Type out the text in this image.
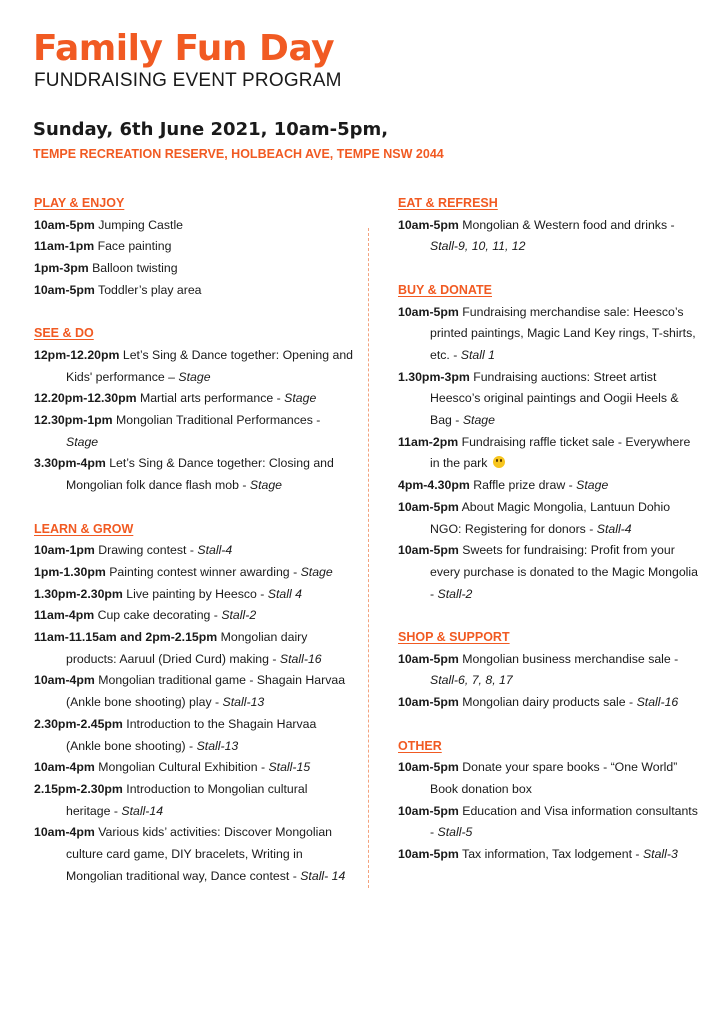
Family Fun Day

FUNDRAISING EVENT PROGRAM

Sunday, 6th June 2021, 10am-5pm,

TEMPE RECREATION RESERVE, HOLBEACH AVE, TEMPE NSW 2044

PLAY & ENJOY

10am-5pm Jumping Castle

11am-1pm Face painting

1pm-3pm Balloon twisting

10am-5pm Toddler’s play area

SEE & DO

12pm-12.20pm Let’s Sing & Dance together: Opening and Kids' performance – Stage

12.20pm-12.30pm Martial arts performance - Stage

12.30pm-1pm Mongolian Traditional Performances - Stage

3.30pm-4pm Let’s Sing & Dance together: Closing and Mongolian folk dance flash mob - Stage

LEARN & GROW

10am-1pm Drawing contest - Stall-4

1pm-1.30pm Painting contest winner awarding - Stage

1.30pm-2.30pm Live painting by Heesco - Stall 4

11am-4pm Cup cake decorating - Stall-2

11am-11.15am and 2pm-2.15pm Mongolian dairy products: Aaruul (Dried Curd) making - Stall-16

10am-4pm Mongolian traditional game - Shagain Harvaa (Ankle bone shooting) play - Stall-13

2.30pm-2.45pm Introduction to the Shagain Harvaa (Ankle bone shooting) - Stall-13

10am-4pm Mongolian Cultural Exhibition - Stall-15

2.15pm-2.30pm Introduction to Mongolian cultural heritage - Stall-14

10am-4pm Various kids’ activities: Discover Mongolian culture card game, DIY bracelets, Writing in Mongolian traditional way, Dance contest - Stall- 14

EAT & REFRESH

10am-5pm Mongolian & Western food and drinks - Stall-9, 10, 11, 12

BUY & DONATE

10am-5pm Fundraising merchandise sale: Heesco’s printed paintings, Magic Land Key rings, T-shirts, etc. - Stall 1

1.30pm-3pm Fundraising auctions: Street artist Heesco’s original paintings and Oogii Heels & Bag - Stage

11am-2pm Fundraising raffle ticket sale - Everywhere in the park

4pm-4.30pm Raffle prize draw - Stage

10am-5pm About Magic Mongolia, Lantuun Dohio NGO: Registering for donors - Stall-4

10am-5pm Sweets for fundraising: Profit from your every purchase is donated to the Magic Mongolia - Stall-2

SHOP & SUPPORT

10am-5pm Mongolian business merchandise sale - Stall-6, 7, 8, 17

10am-5pm Mongolian dairy products sale - Stall-16

OTHER

10am-5pm Donate your spare books - “One World” Book donation box

10am-5pm Education and Visa information consultants - Stall-5

10am-5pm Tax information, Tax lodgement - Stall-3
